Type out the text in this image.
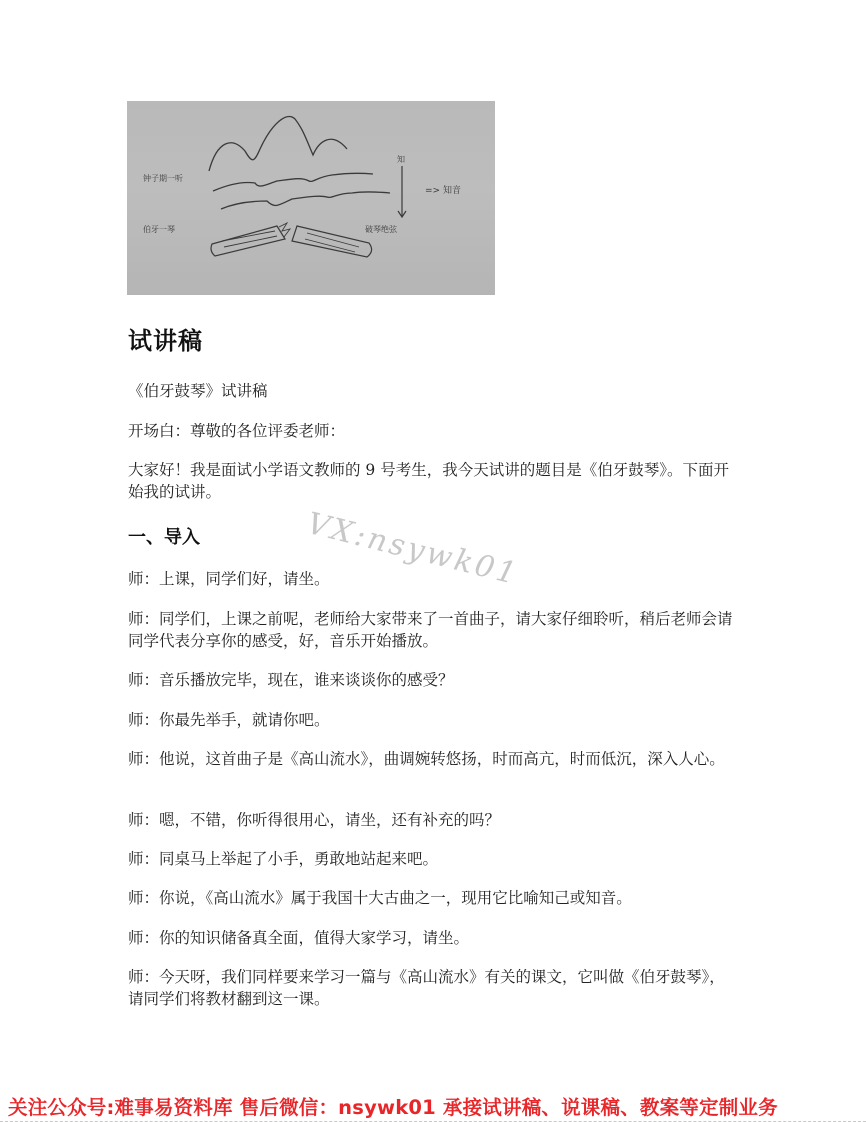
钟子期一听
伯牙一琴
知
=> 知音
破琴绝弦
试讲稿

《伯牙鼓琴》试讲稿

开场白：尊敬的各位评委老师：

大家好！我是面试小学语文教师的 9 号考生，我今天试讲的题目是《伯牙鼓琴》。下面开始我的试讲。

一、导入

师：上课，同学们好，请坐。

师：同学们，上课之前呢，老师给大家带来了一首曲子，请大家仔细聆听，稍后老师会请同学代表分享你的感受，好，音乐开始播放。

师：音乐播放完毕，现在，谁来谈谈你的感受？

师：你最先举手，就请你吧。

师：他说，这首曲子是《高山流水》，曲调婉转悠扬，时而高亢，时而低沉，深入人心。

师：嗯，不错，你听得很用心，请坐，还有补充的吗？

师：同桌马上举起了小手，勇敢地站起来吧。

师：你说，《高山流水》属于我国十大古曲之一，现用它比喻知己或知音。

师：你的知识储备真全面，值得大家学习，请坐。

师：今天呀，我们同样要来学习一篇与《高山流水》有关的课文，它叫做《伯牙鼓琴》，请同学们将教材翻到这一课。

VX:nsywk01
关注公众号:难事易资料库 售后微信：nsywk01 承接试讲稿、说课稿、教案等定制业务
